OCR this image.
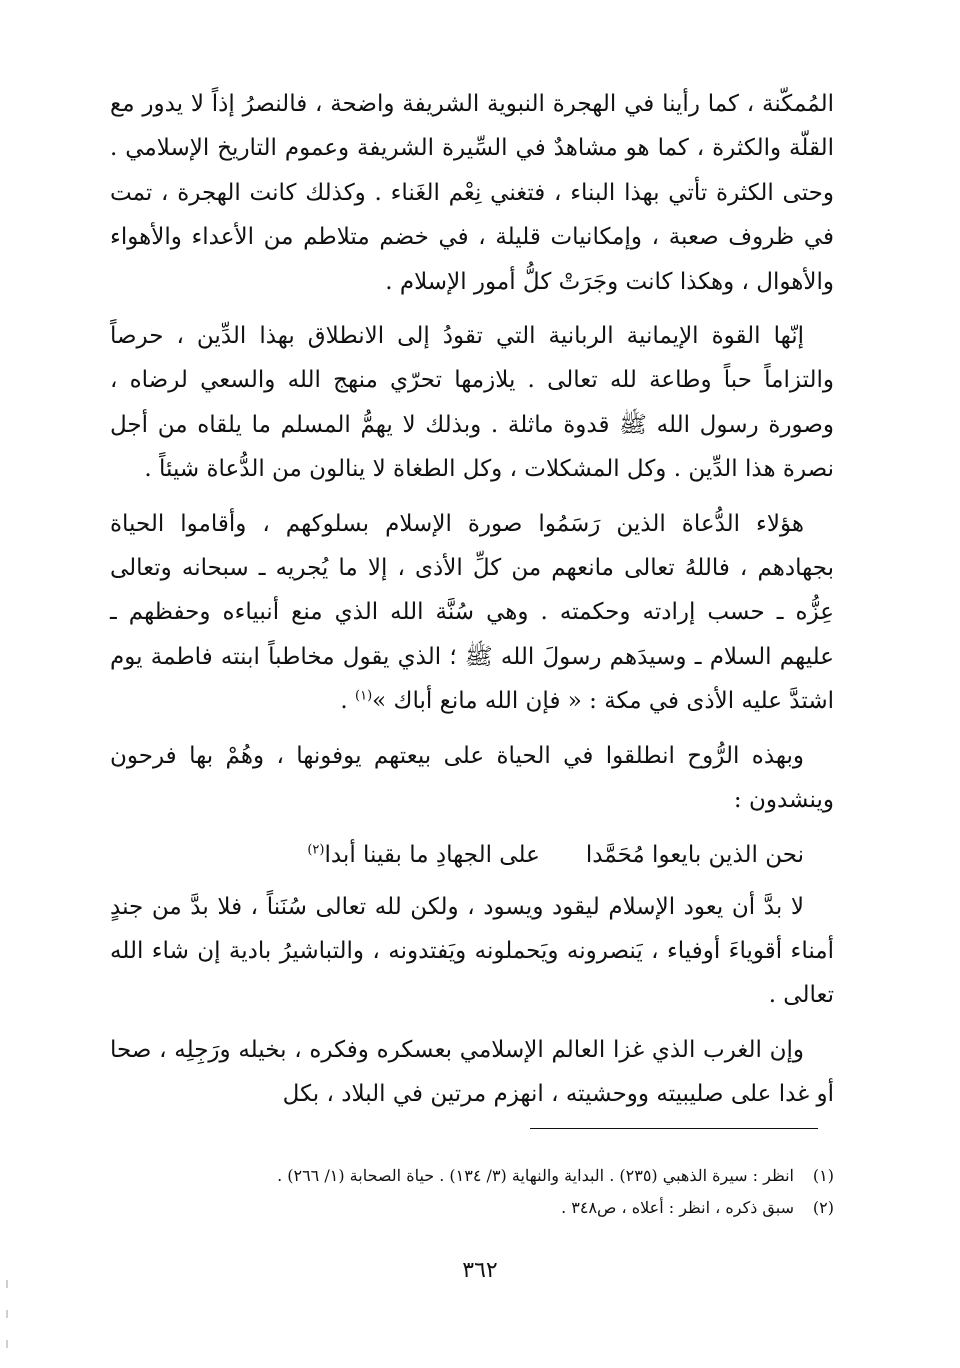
المُمكّنة ، كما رأينا في الهجرة النبوية الشريفة واضحة ، فالنصرُ إذاً لا يدور مع القلّة والكثرة ، كما هو مشاهدٌ في السِّيرة الشريفة وعموم التاريخ الإسلامي . وحتى الكثرة تأتي بهذا البناء ، فتغني نِعْم الغَناء . وكذلك كانت الهجرة ، تمت في ظروف صعبة ، وإمكانيات قليلة ، في خضم متلاطم من الأعداء والأهواء والأهوال ، وهكذا كانت وجَرَتْ كلُّ أمور الإسلام .

إنّها القوة الإيمانية الربانية التي تقودُ إلى الانطلاق بهذا الدِّين ، حرصاً والتزاماً حباً وطاعة لله تعالى . يلازمها تحرّي منهج الله والسعي لرضاه ، وصورة رسول الله ﷺ قدوة ماثلة . وبذلك لا يهمُّ المسلم ما يلقاه من أجل نصرة هذا الدِّين . وكل المشكلات ، وكل الطغاة لا ينالون من الدُّعاة شيئاً .

هؤلاء الدُّعاة الذين رَسَمُوا صورة الإسلام بسلوكهم ، وأقاموا الحياة بجهادهم ، فاللهُ تعالى مانعهم من كلِّ الأذى ، إلا ما يُجريه ـ سبحانه وتعالى عِزُّه ـ حسب إرادته وحكمته . وهي سُنَّة الله الذي منع أنبياءه وحفظهم ـ عليهم السلام ـ وسيدَهم رسولَ الله ﷺ ؛ الذي يقول مخاطباً ابنته فاطمة يوم اشتدَّ عليه الأذى في مكة : « فإن الله مانع أباك »$^{(١)}$ .

وبهذه الرُّوح انطلقوا في الحياة على بيعتهم يوفونها ، وهُمْ بها فرحون وينشدون :

نحن الذين بايعوا مُحَمَّدا
على الجهادِ ما بقينا أبدا$^{(٢)}$

لا بدَّ أن يعود الإسلام ليقود ويسود ، ولكن لله تعالى سُنَناً ، فلا بدَّ من جندٍ أمناء أقوياءَ أوفياء ، يَنصرونه ويَحملونه ويَفتدونه ، والتباشيرُ بادية إن شاء الله تعالى .

وإن الغرب الذي غزا العالم الإسلامي بعسكره وفكره ، بخيله ورَجِلِه ، صحا أو غدا على صليبيته ووحشيته ، انهزم مرتين في البلاد ، بكل

(١)
انظر : سيرة الذهبي (٢٣٥) . البداية والنهاية (٣/ ١٣٤) . حياة الصحابة (١/ ٢٦٦) .
(٢)
سبق ذكره ، انظر : أعلاه ، ص٣٤٨ .
٣٦٢
